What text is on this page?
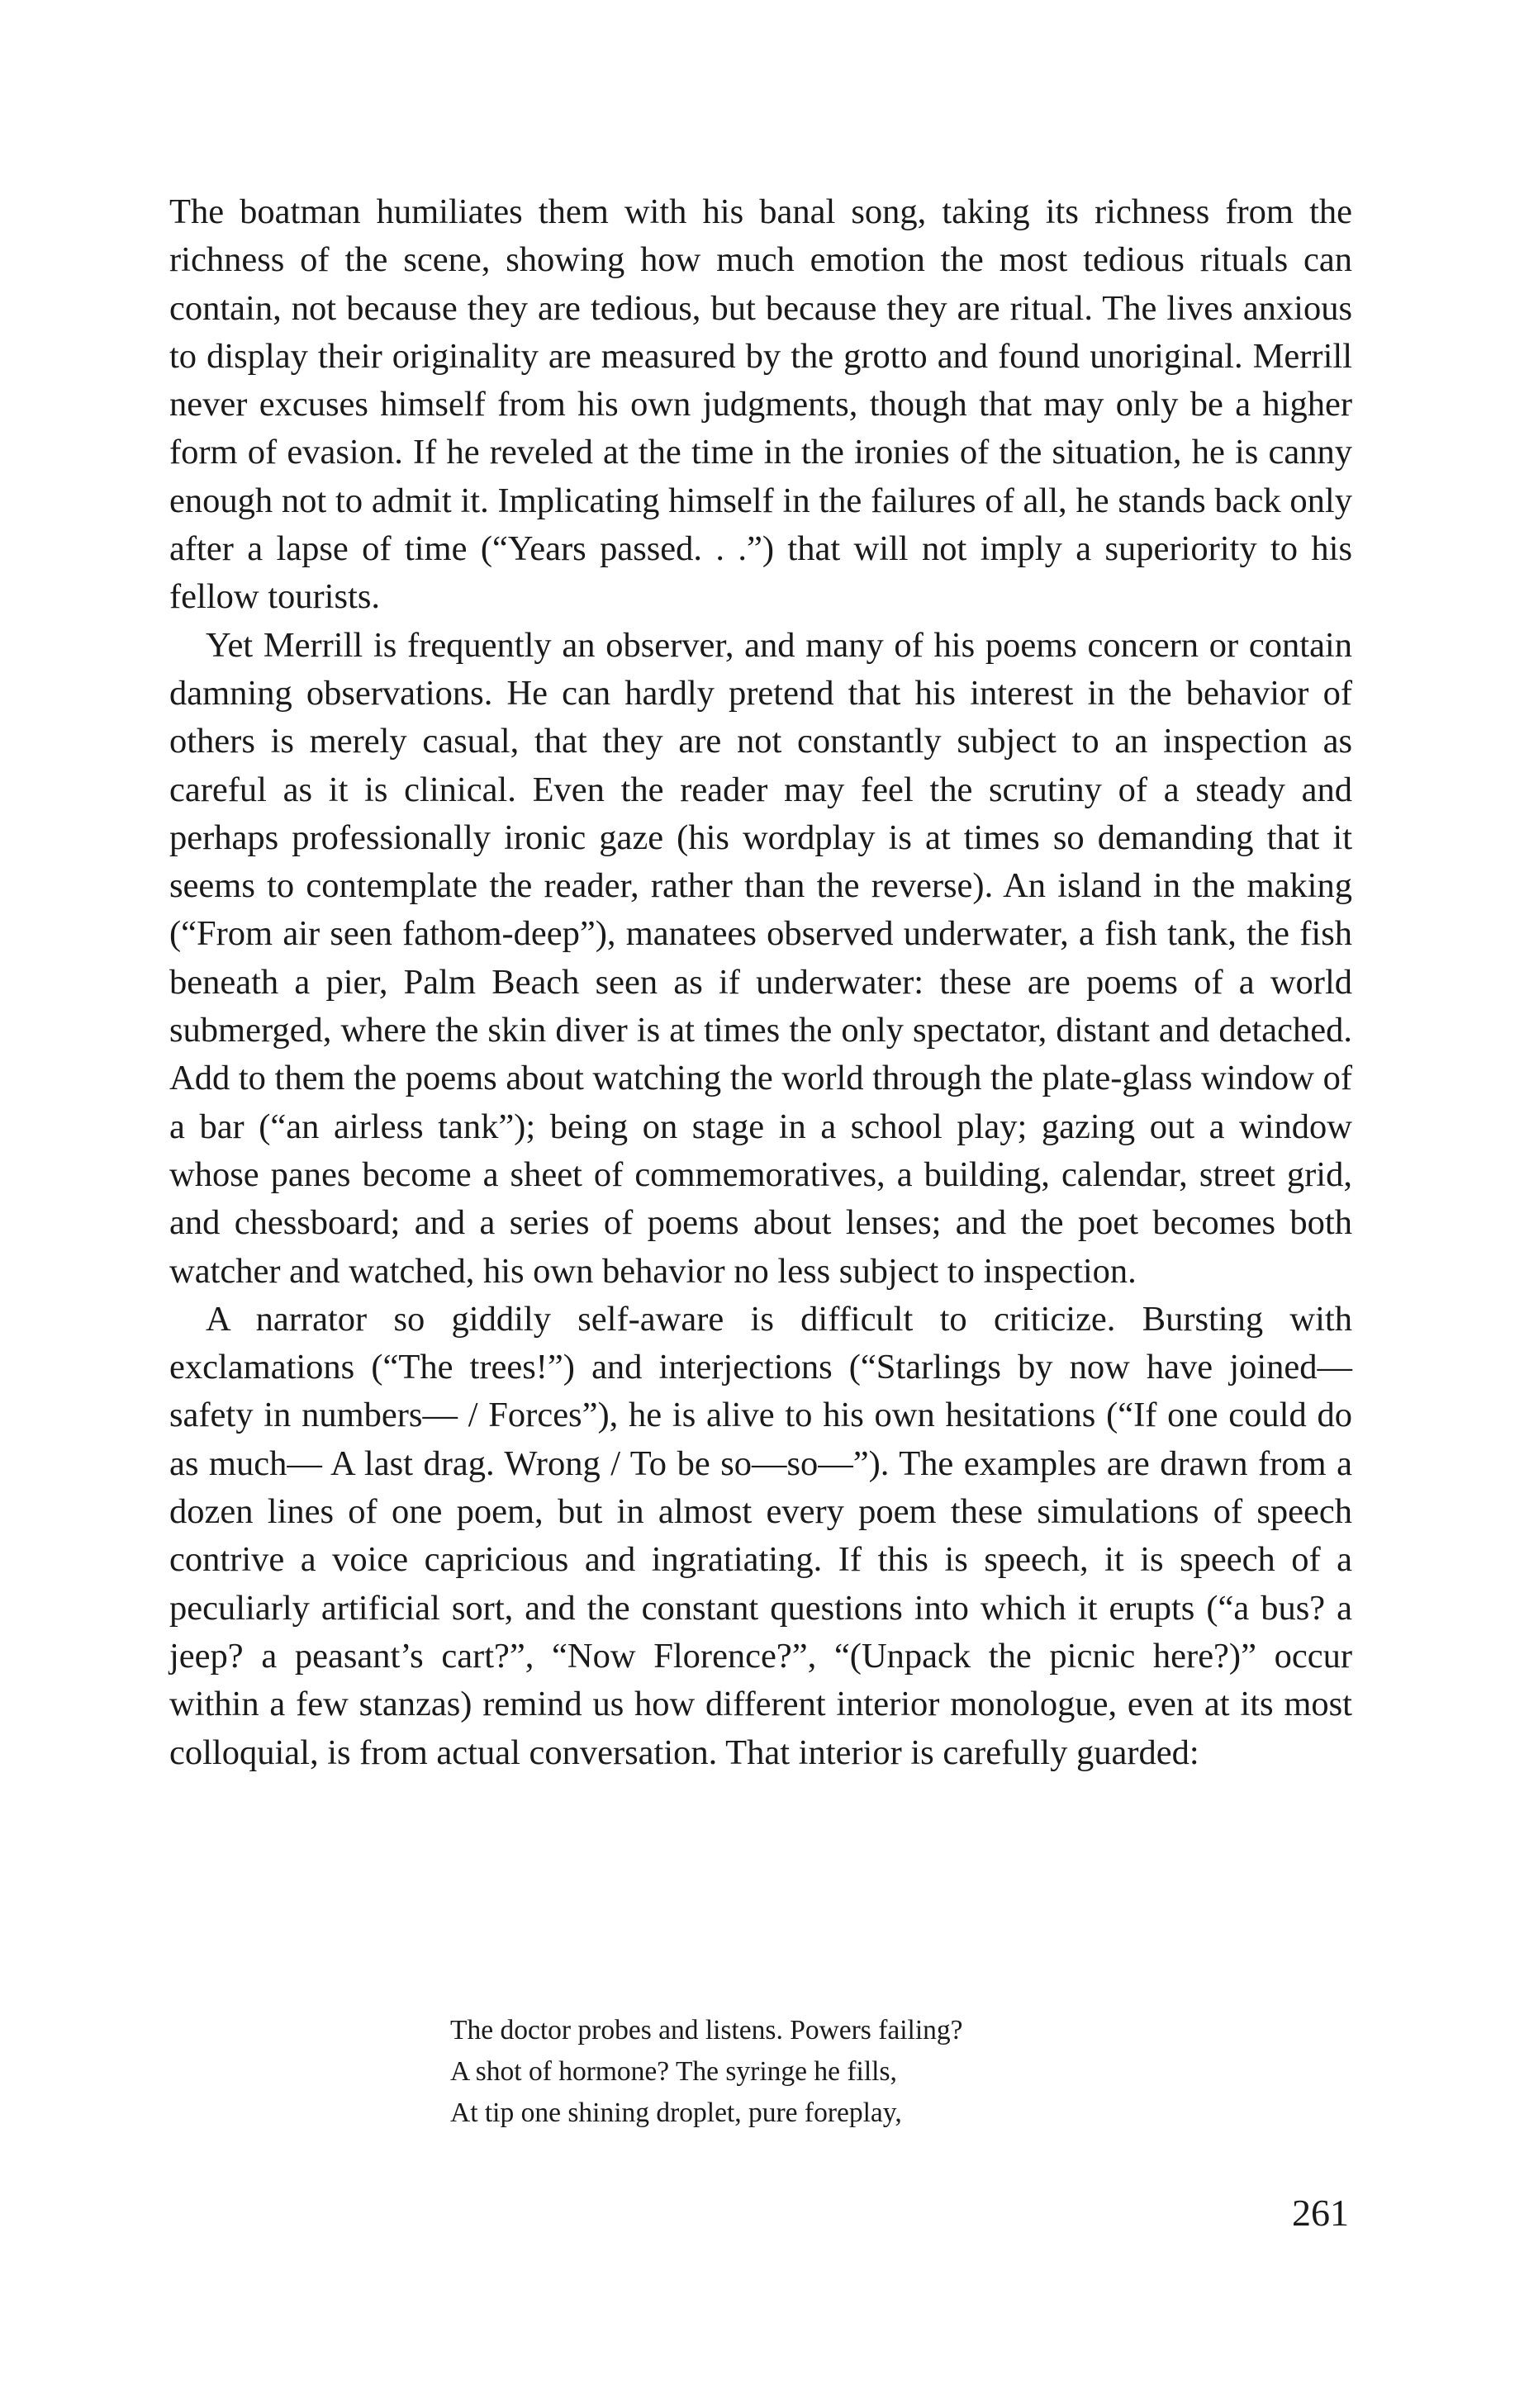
The boatman humiliates them with his banal song, taking its richness from the richness of the scene, showing how much emotion the most tedious rituals can contain, not because they are tedious, but because they are ritual. The lives anxious to display their originality are measured by the grotto and found unoriginal. Merrill never excuses himself from his own judgments, though that may only be a higher form of evasion. If he reveled at the time in the ironies of the situation, he is canny enough not to admit it. Implicating himself in the failures of all, he stands back only after a lapse of time (“Years passed. . .”) that will not imply a superiority to his fellow tourists.

Yet Merrill is frequently an observer, and many of his poems concern or contain damning observations. He can hardly pretend that his interest in the behavior of others is merely casual, that they are not constantly subject to an inspection as careful as it is clinical. Even the reader may feel the scrutiny of a steady and perhaps professionally ironic gaze (his wordplay is at times so demanding that it seems to contemplate the reader, rather than the reverse). An island in the making (“From air seen fathom-deep”), manatees observed underwater, a fish tank, the fish beneath a pier, Palm Beach seen as if underwater: these are poems of a world submerged, where the skin diver is at times the only spectator, distant and detached. Add to them the poems about watching the world through the plate-glass window of a bar (“an airless tank”); being on stage in a school play; gazing out a window whose panes become a sheet of commemoratives, a building, calendar, street grid, and chessboard; and a series of poems about lenses; and the poet becomes both watcher and watched, his own behavior no less subject to inspection.

A narrator so giddily self-aware is difficult to criticize. Bursting with exclamations (“The trees!”) and interjections (“Starlings by now have joined—safety in numbers— / Forces”), he is alive to his own hesitations (“If one could do as much— A last drag. Wrong / To be so—so—”). The examples are drawn from a dozen lines of one poem, but in almost every poem these simulations of speech contrive a voice capricious and ingratiating. If this is speech, it is speech of a peculiarly artificial sort, and the constant questions into which it erupts (“a bus? a jeep? a peasant’s cart?”, “Now Florence?”, “(Unpack the picnic here?)” occur within a few stanzas) remind us how different interior monologue, even at its most colloquial, is from actual conversation. That interior is carefully guarded:

The doctor probes and listens. Powers failing?
A shot of hormone? The syringe he fills,
At tip one shining droplet, pure foreplay,
261
